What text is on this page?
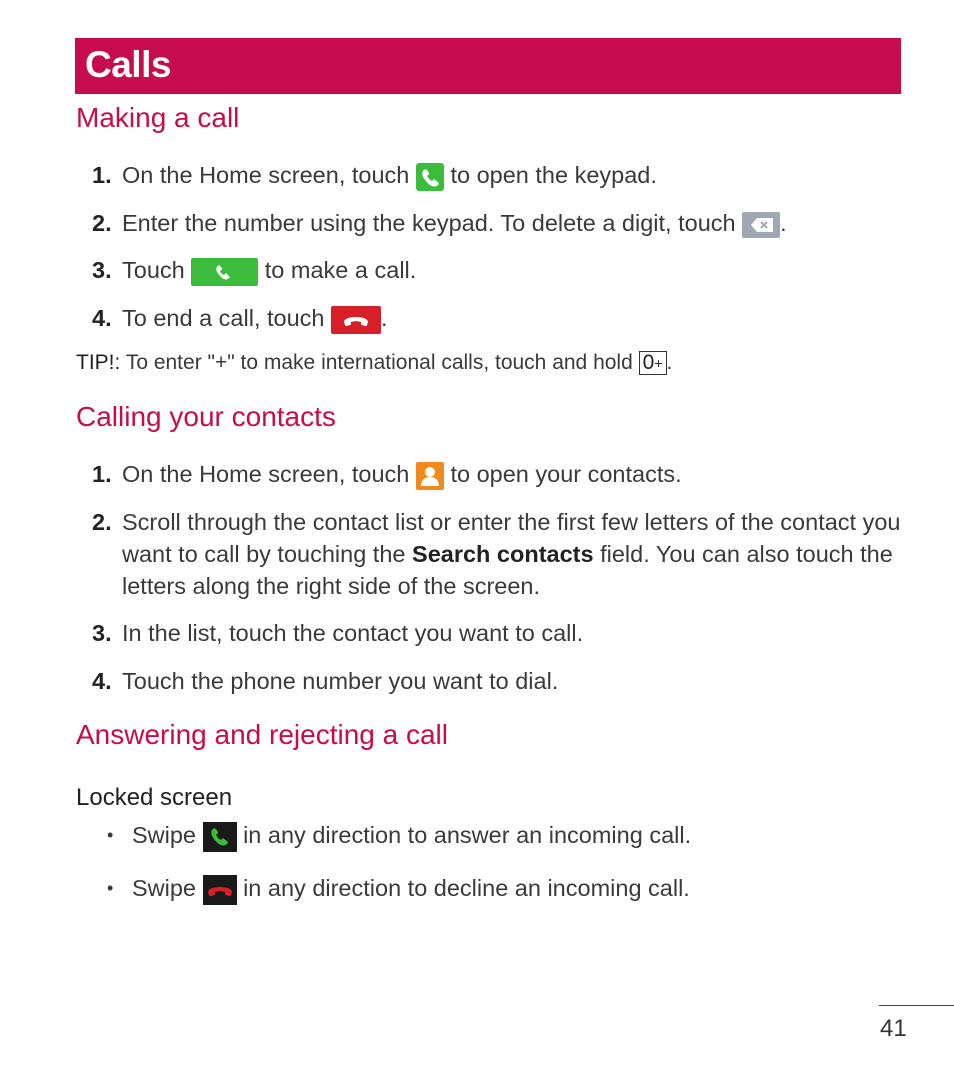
Calls
Making a call
1. On the Home screen, touch to open the keypad.
2. Enter the number using the keypad. To delete a digit, touch .
3. Touch	to make a call.
4. To end a call, touch .
TIP!: To enter "+" to make international calls, touch and hold 0+ .
Calling your contacts
1. On the Home screen, touch to open your contacts.
2. Scroll through the contact list or enter the first few letters of the contact you want to call by touching the Search contacts field. You can also touch the letters along the right side of the screen.
3. In the list, touch the contact you want to call.
4. Touch the phone number you want to dial.
Answering and rejecting a call
Locked screen
• Swipe in any direction to answer an incoming call.
• Swipe in any direction to decline an incoming call.
41
